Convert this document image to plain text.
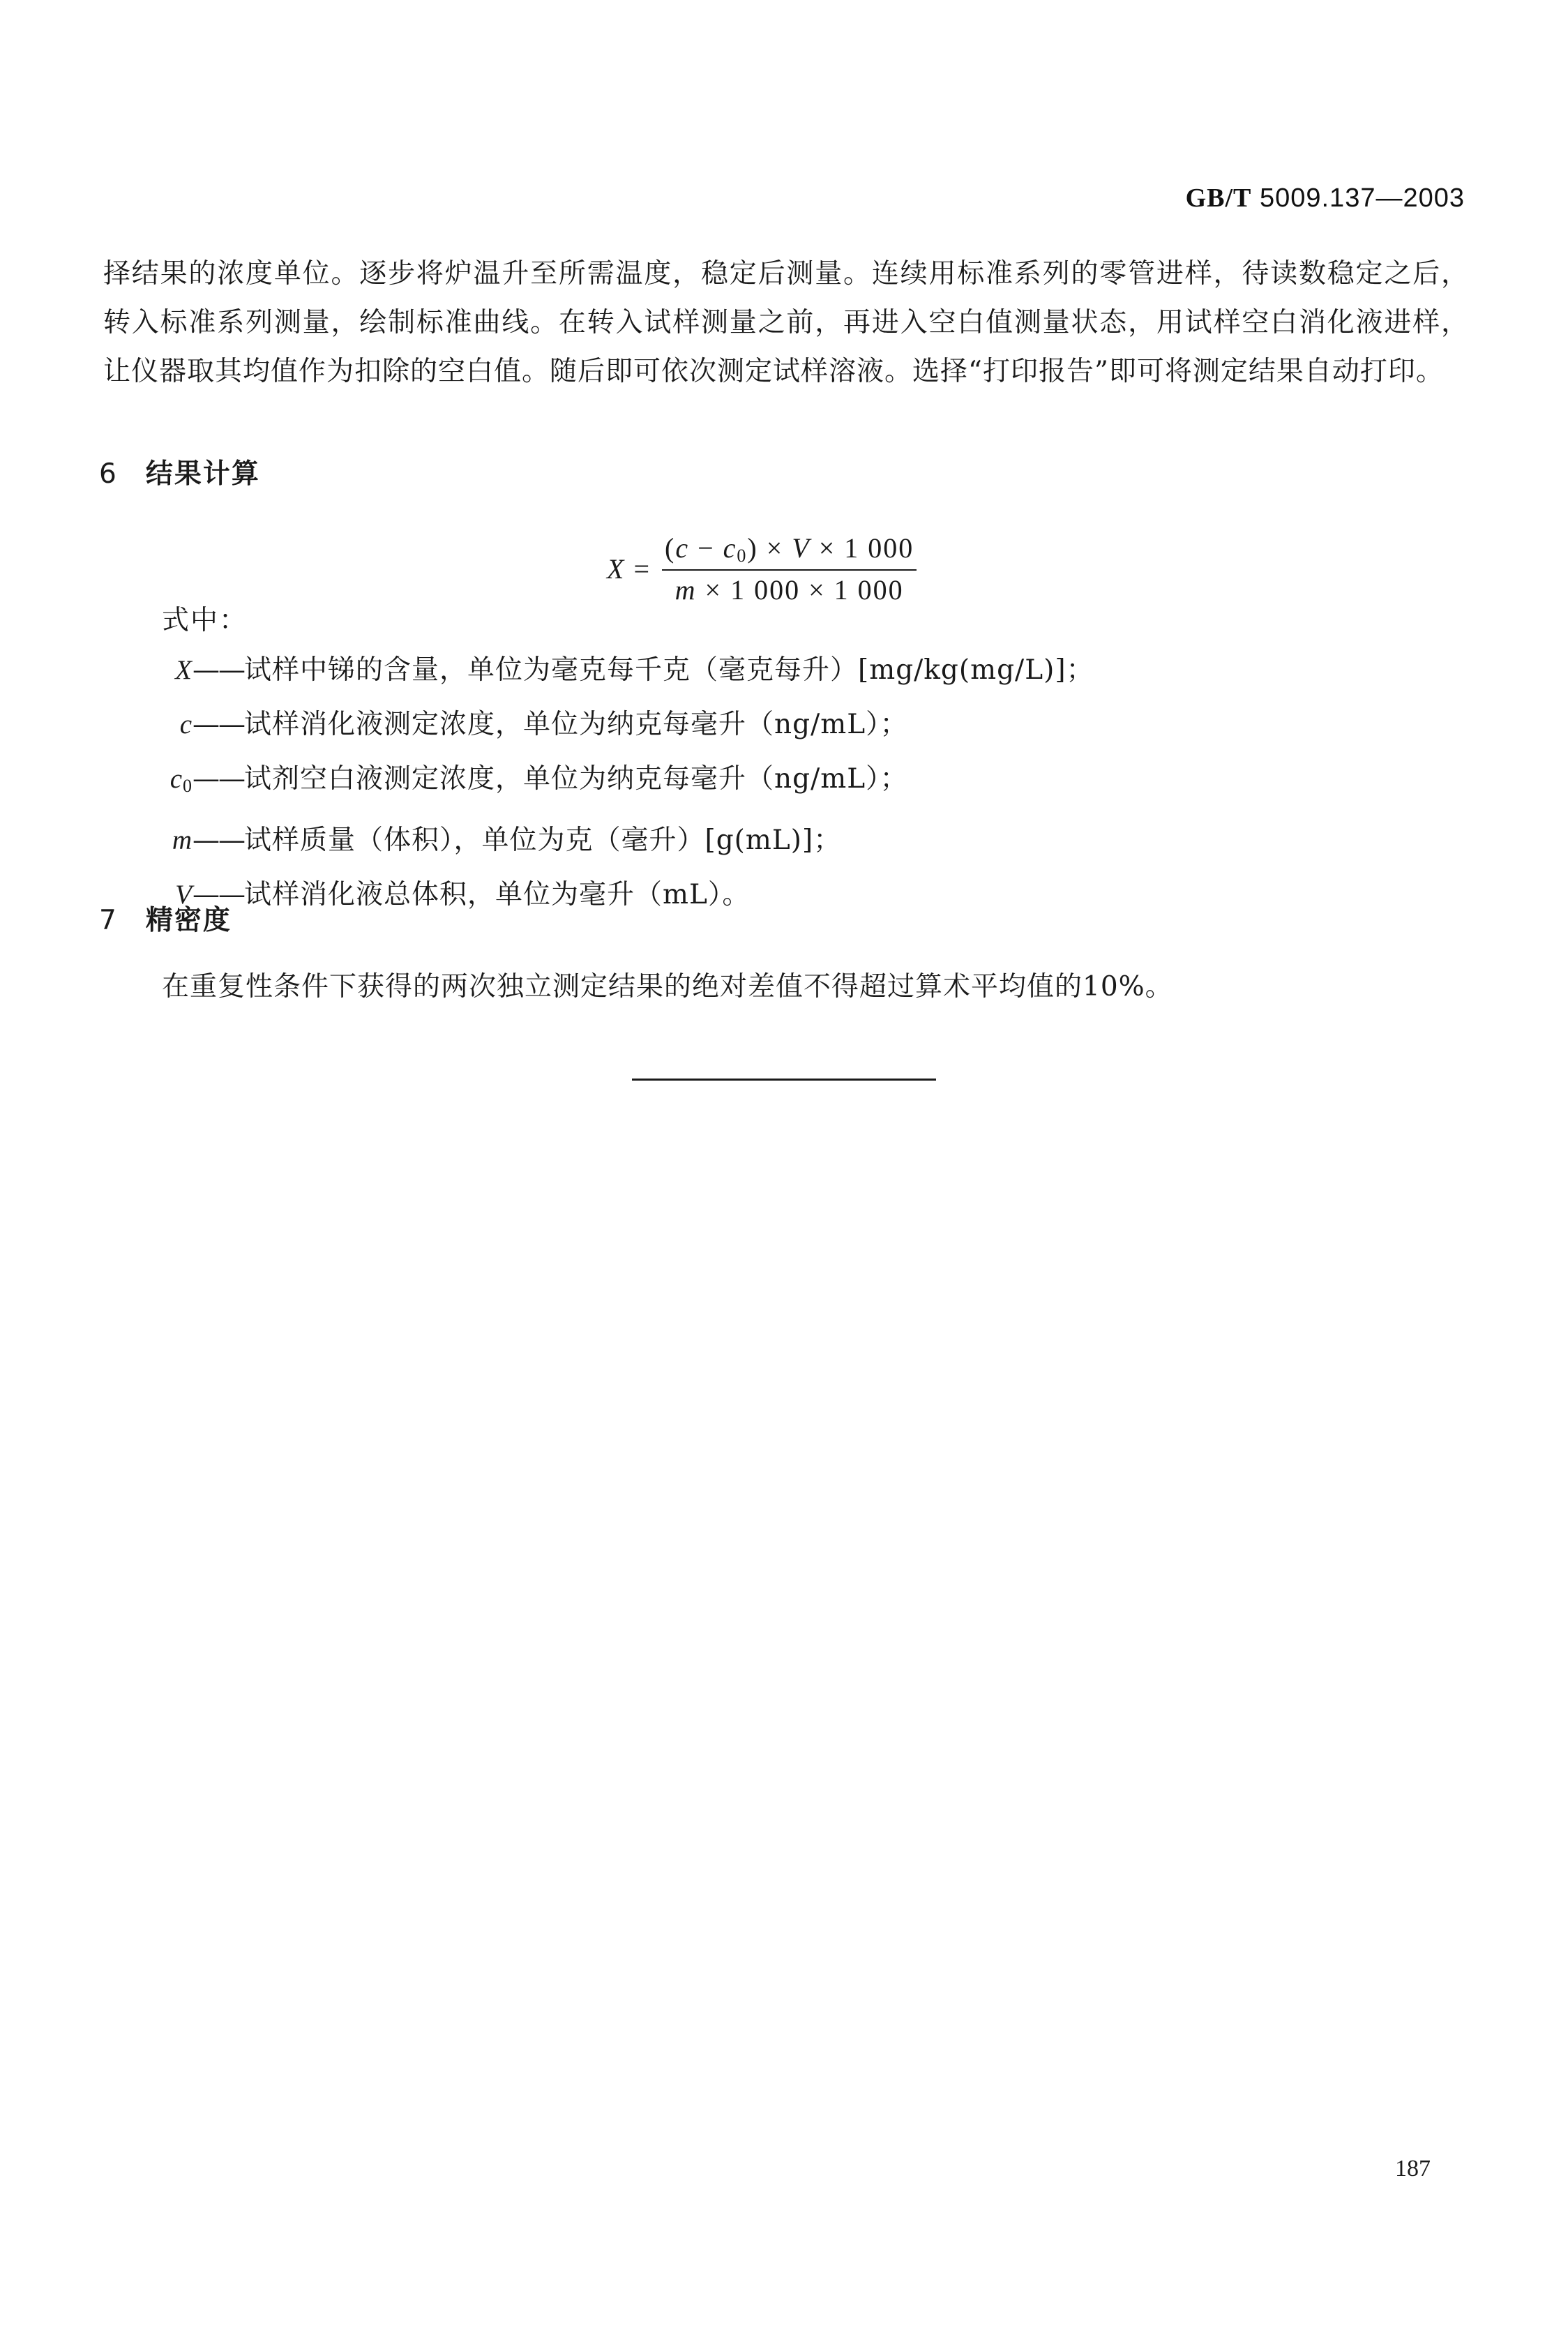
GB/T 5009.137—2003
择结果的浓度单位。逐步将炉温升至所需温度，稳定后测量。连续用标准系列的零管进样，待读数稳定之后，转入标准系列测量，绘制标准曲线。在转入试样测量之前，再进入空白值测量状态，用试样空白消化液进样，让仪器取其均值作为扣除的空白值。随后即可依次测定试样溶液。选择“打印报告”即可将测定结果自动打印。
6 结果计算
$X = \frac{(c - c_0) \times V \times 1 000}{m \times 1 000 \times 1 000}$
式中：
X——试样中锑的含量，单位为毫克每千克（毫克每升）[mg/kg(mg/L)]；
c——试样消化液测定浓度，单位为纳克每毫升（ng/mL）；
$c_0——$试剂空白液测定浓度，单位为纳克每毫升（ng/mL）；
m——试样质量（体积），单位为克（毫升）[g(mL)]；
V——试样消化液总体积，单位为毫升（mL）。
7 精密度
在重复性条件下获得的两次独立测定结果的绝对差值不得超过算术平均值的10%。
187
